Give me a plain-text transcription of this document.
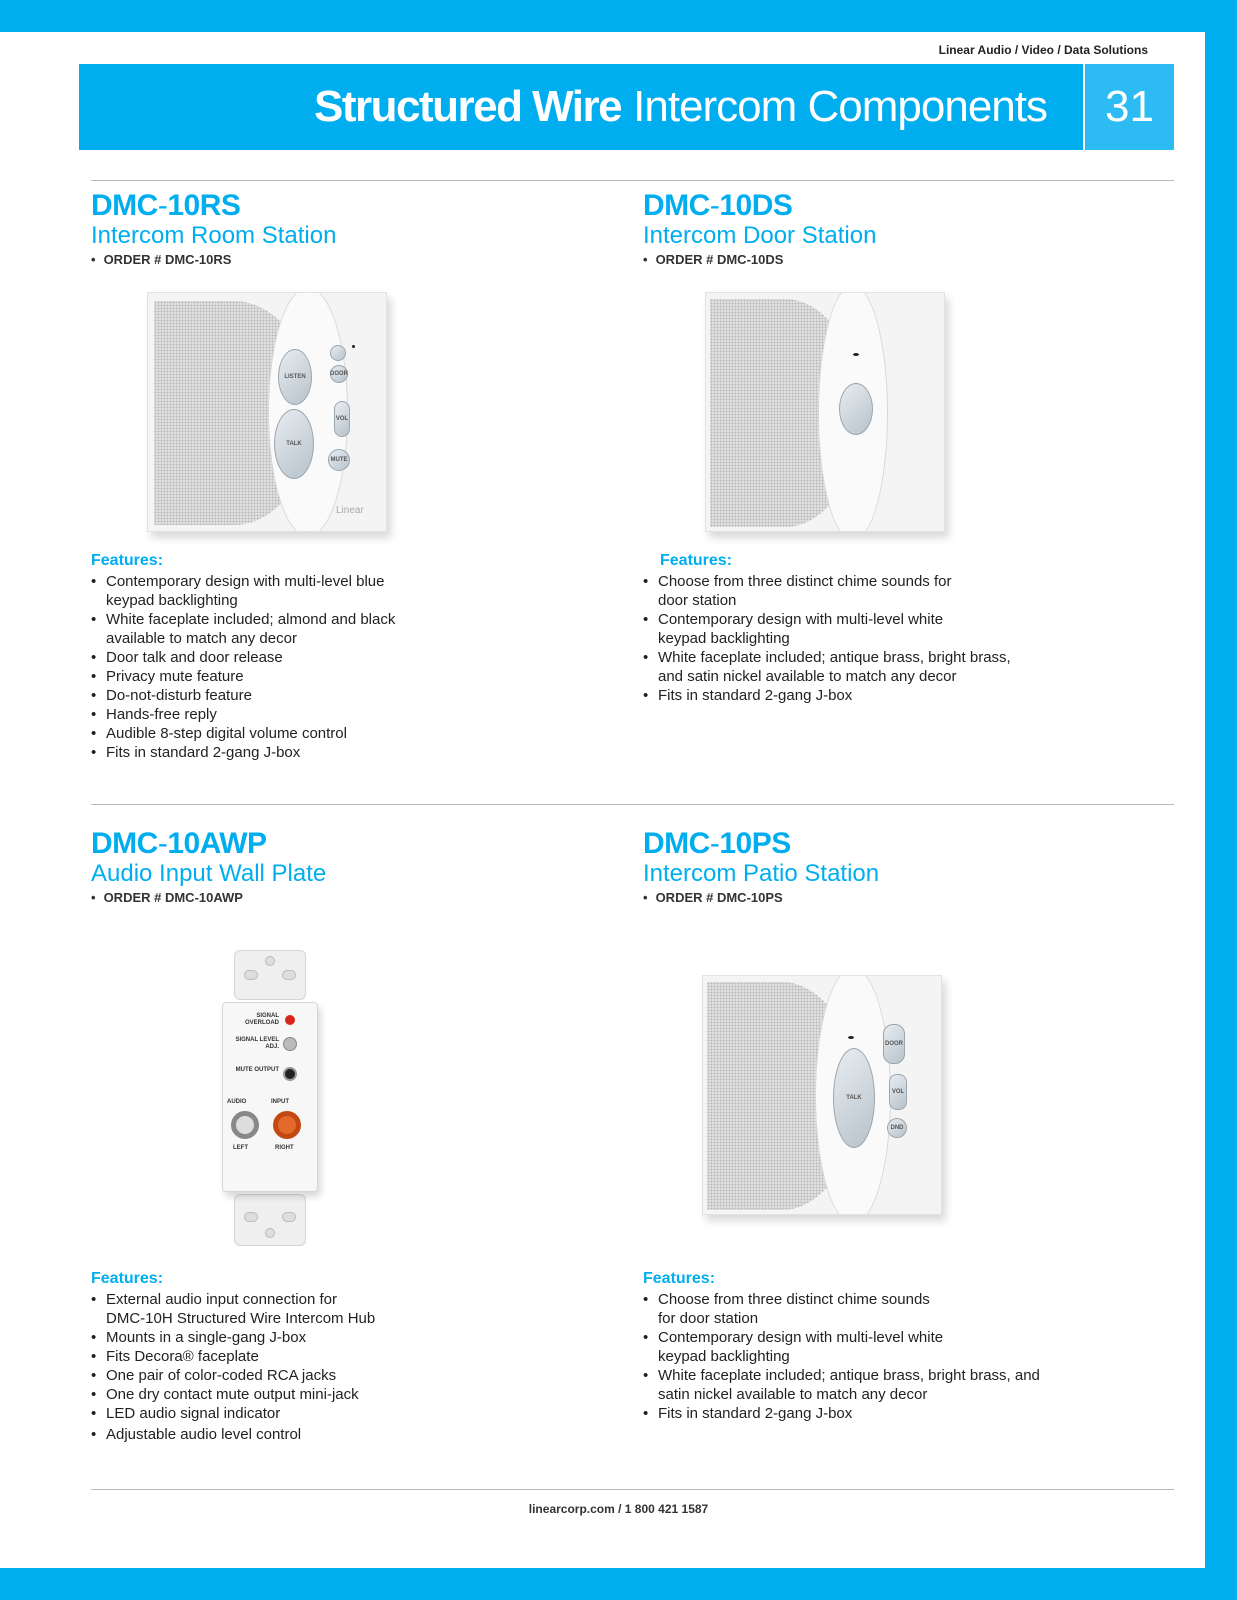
Linear Audio / Video / Data Solutions
Structured Wire Intercom Components	31
DMC-10RS
Intercom Room Station
• ORDER # DMC-10RS
LISTEN
TALK
DOOR
VOL
MUTE
Linear
Features:
• Contemporary design with multi-level blue
keypad backlighting
• White faceplate included; almond and black
available to match any decor
• Door talk and door release
• Privacy mute feature
• Do-not-disturb feature
• Hands-free reply
• Audible 8-step digital volume control
• Fits in standard 2-gang J-box
DMC-10DS
Intercom Door Station
• ORDER # DMC-10DS
Features:
• Choose from three distinct chime sounds for
door station
• Contemporary design with multi-level white
keypad backlighting
• White faceplate included; antique brass, bright brass,
and satin nickel available to match any decor
• Fits in standard 2-gang J-box
DMC-10AWP
Audio Input Wall Plate
• ORDER # DMC-10AWP
SIGNAL OVERLOAD
SIGNAL LEVEL ADJ.
MUTE OUTPUT
AUDIO	INPUT
LEFT	RIGHT
Features:
• External audio input connection for
DMC-10H Structured Wire Intercom Hub
• Mounts in a single-gang J-box
• Fits Decora® faceplate
• One pair of color-coded RCA jacks
• One dry contact mute output mini-jack
• LED audio signal indicator
• Adjustable audio level control
DMC-10PS
Intercom Patio Station
• ORDER # DMC-10PS
TALK
DOOR
VOL
DND
Features:
• Choose from three distinct chime sounds
for door station
• Contemporary design with multi-level white
keypad backlighting
• White faceplate included; antique brass, bright brass, and
satin nickel available to match any decor
• Fits in standard 2-gang J-box
linearcorp.com / 1 800 421 1587
